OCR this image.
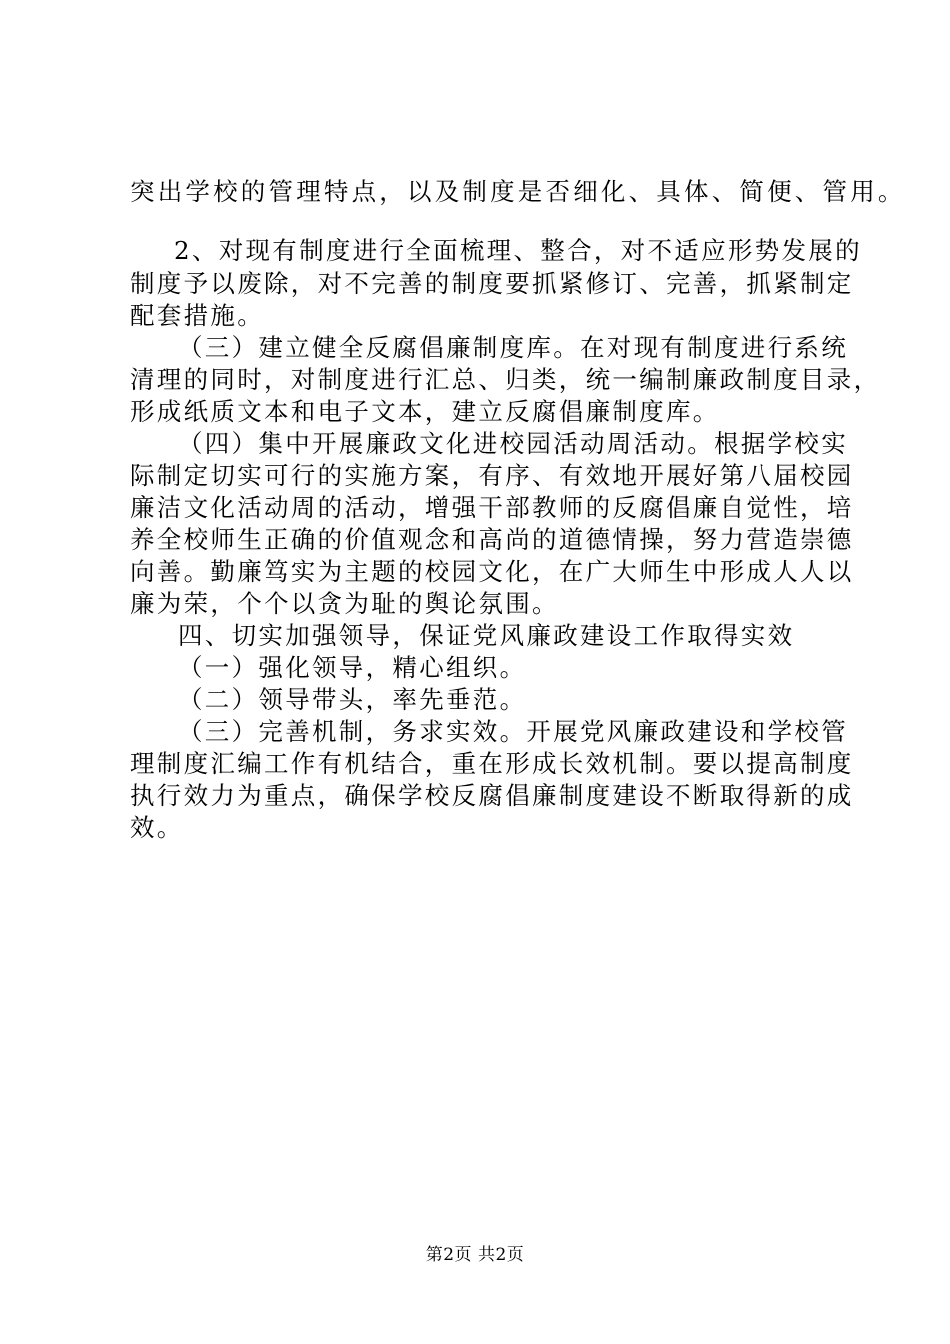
突出学校的管理特点，以及制度是否细化、具体、简便、管用。
2、对现有制度进行全面梳理、整合，对不适应形势发展的
制度予以废除，对不完善的制度要抓紧修订、完善，抓紧制定
配套措施。
（三）建立健全反腐倡廉制度库。在对现有制度进行系统
清理的同时，对制度进行汇总、归类，统一编制廉政制度目录，
形成纸质文本和电子文本，建立反腐倡廉制度库。
（四）集中开展廉政文化进校园活动周活动。根据学校实
际制定切实可行的实施方案，有序、有效地开展好第八届校园
廉洁文化活动周的活动，增强干部教师的反腐倡廉自觉性，培
养全校师生正确的价值观念和高尚的道德情操，努力营造崇德
向善。勤廉笃实为主题的校园文化，在广大师生中形成人人以
廉为荣，个个以贪为耻的舆论氛围。
四、切实加强领导，保证党风廉政建设工作取得实效
（一）强化领导，精心组织。
（二）领导带头，率先垂范。
（三）完善机制，务求实效。开展党风廉政建设和学校管
理制度汇编工作有机结合，重在形成长效机制。要以提高制度
执行效力为重点，确保学校反腐倡廉制度建设不断取得新的成
效。
第2页 共2页
